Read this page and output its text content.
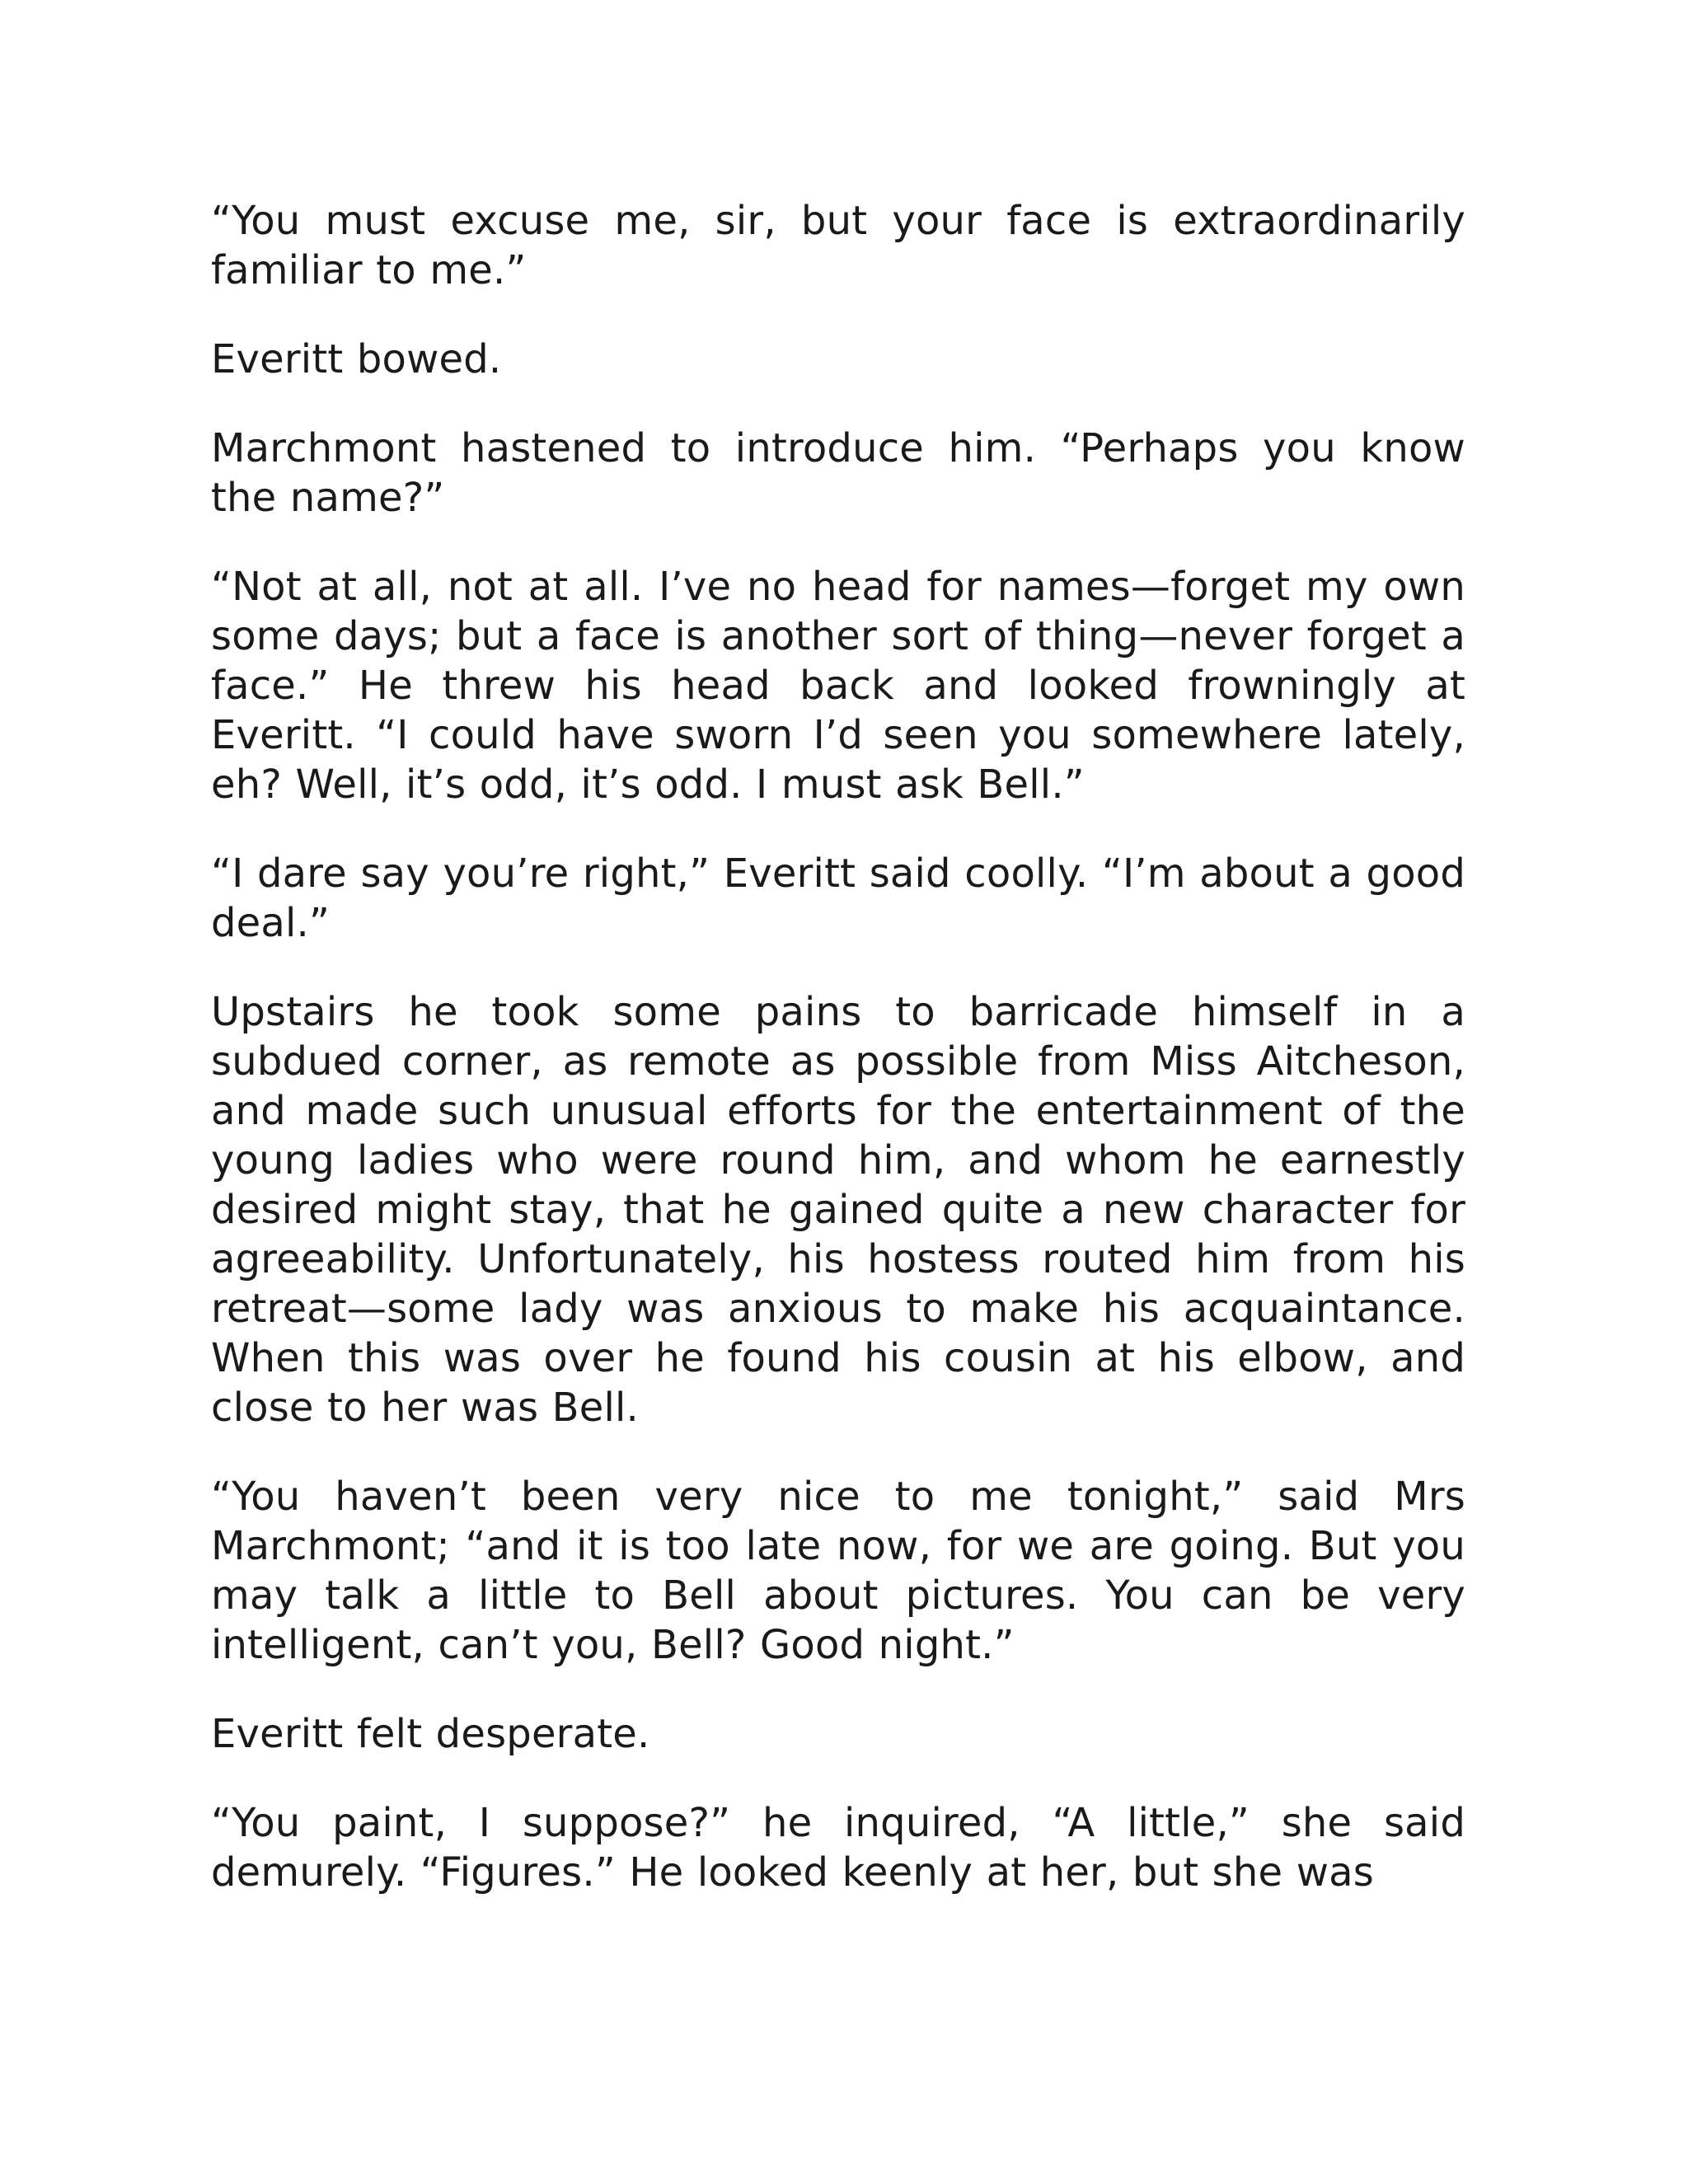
“You must excuse me, sir, but your face is extraordinarily familiar to me.”

Everitt bowed.

Marchmont hastened to introduce him. “Perhaps you know the name?”

“Not at all, not at all. I’ve no head for names—forget my own some days; but a face is another sort of thing—never forget a face.” He threw his head back and looked frowningly at Everitt. “I could have sworn I’d seen you somewhere lately, eh? Well, it’s odd, it’s odd. I must ask Bell.”

“I dare say you’re right,” Everitt said coolly. “I’m about a good deal.”

Upstairs he took some pains to barricade himself in a subdued corner, as remote as possible from Miss Aitcheson, and made such unusual efforts for the entertainment of the young ladies who were round him, and whom he earnestly desired might stay, that he gained quite a new character for agreeability. Unfortunately, his hostess routed him from his retreat—some lady was anxious to make his acquaintance. When this was over he found his cousin at his elbow, and close to her was Bell.

“You haven’t been very nice to me tonight,” said Mrs Marchmont; “and it is too late now, for we are going. But you may talk a little to Bell about pictures. You can be very intelligent, can’t you, Bell? Good night.”

Everitt felt desperate.

“You paint, I suppose?” he inquired, “A little,” she said demurely. “Figures.” He looked keenly at her, but she was
